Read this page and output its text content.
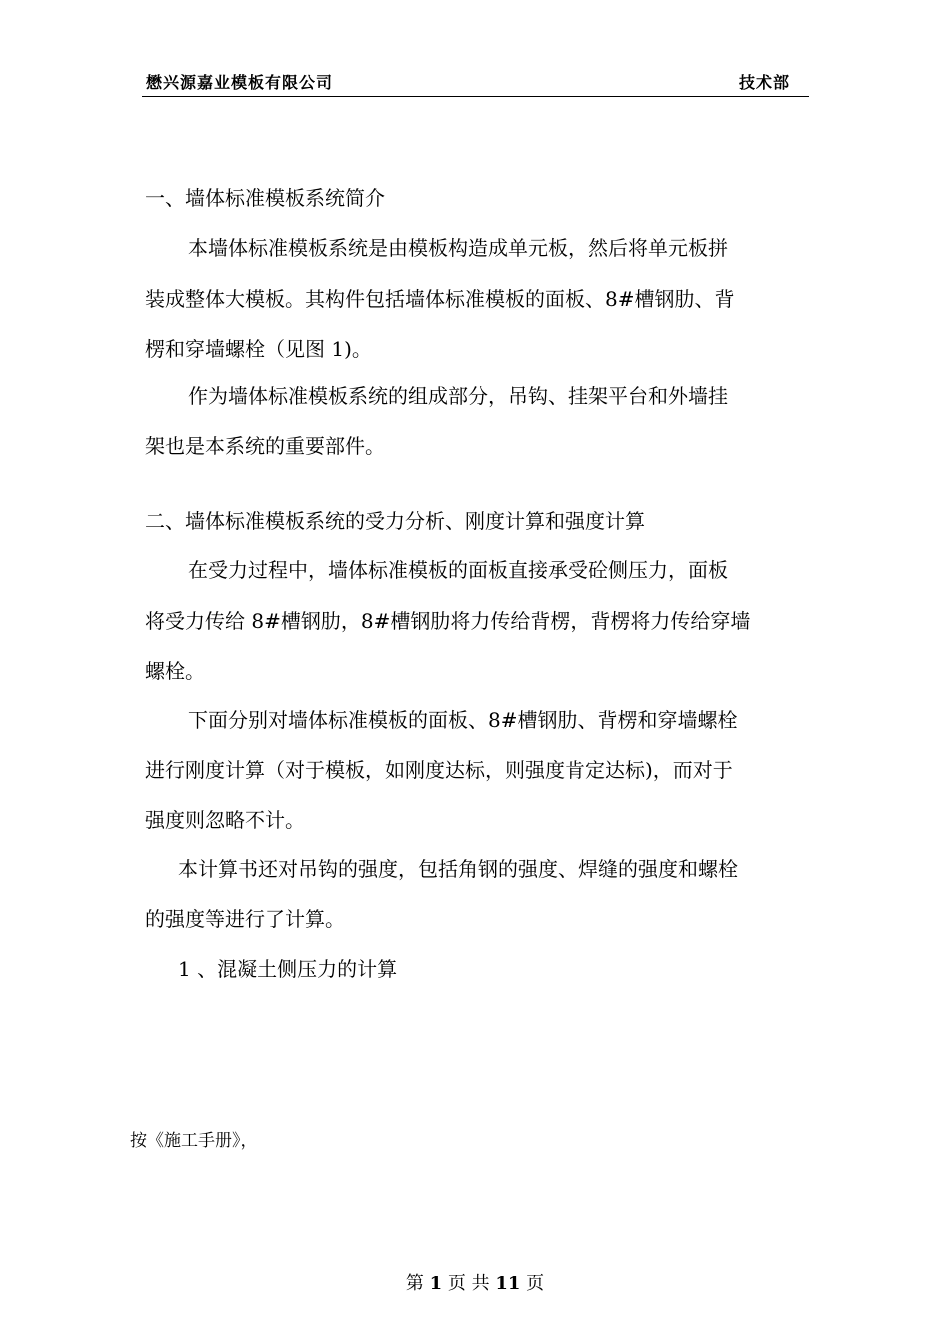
懋兴源嘉业模板有限公司	技术部
一、墙体标准模板系统简介
本墙体标准模板系统是由模板构造成单元板，然后将单元板拼
装成整体大模板。其构件包括墙体标准模板的面板、8#槽钢肋、背
楞和穿墙螺栓（见图 1)。
作为墙体标准模板系统的组成部分，吊钩、挂架平台和外墙挂
架也是本系统的重要部件。
二、墙体标准模板系统的受力分析、刚度计算和强度计算
在受力过程中，墙体标准模板的面板直接承受砼侧压力，面板
将受力传给 8#槽钢肋，8#槽钢肋将力传给背楞，背楞将力传给穿墙
螺栓。
下面分别对墙体标准模板的面板、8#槽钢肋、背楞和穿墙螺栓
进行刚度计算（对于模板，如刚度达标，则强度肯定达标)，而对于
强度则忽略不计。
本计算书还对吊钩的强度，包括角钢的强度、焊缝的强度和螺栓
的强度等进行了计算。
1 、混凝土侧压力的计算
按《施工手册》，
第 1 页 共 11 页
